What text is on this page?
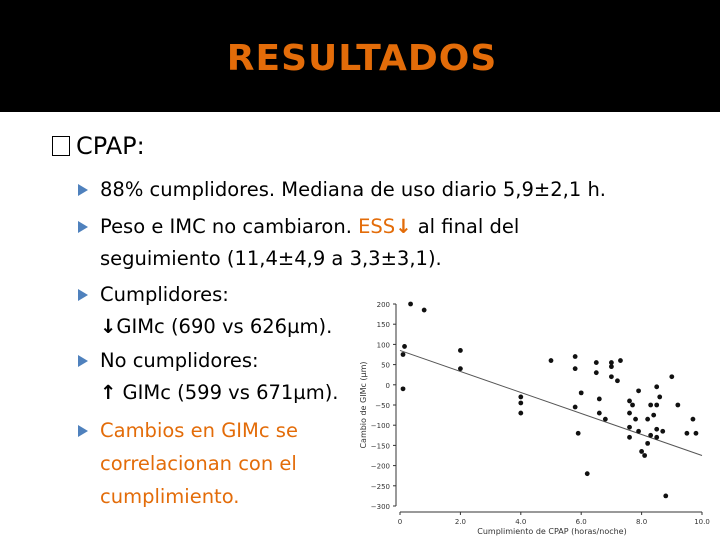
RESULTADOS
CPAP:
88% cumplidores. Mediana de uso diario 5,9±2,1 h.
Peso e IMC no cambiaron. ESS↓ al final del
seguimiento (11,4±4,9 a 3,3±3,1).
Cumplidores:
↓GIMc (690 vs 626µm).
No cumplidores:
↑ GIMc (599 vs 671µm).
Cambios en GIMc se
correlacionan con el
cumplimiento.
200
150
100
50
0
−50
−100
−150
−200
−250
−300
0	2.0	4.0	6.0	8.0	10.0
Cumplimiento de CPAP (horas/noche)
Cambio de GIMc (µm)
